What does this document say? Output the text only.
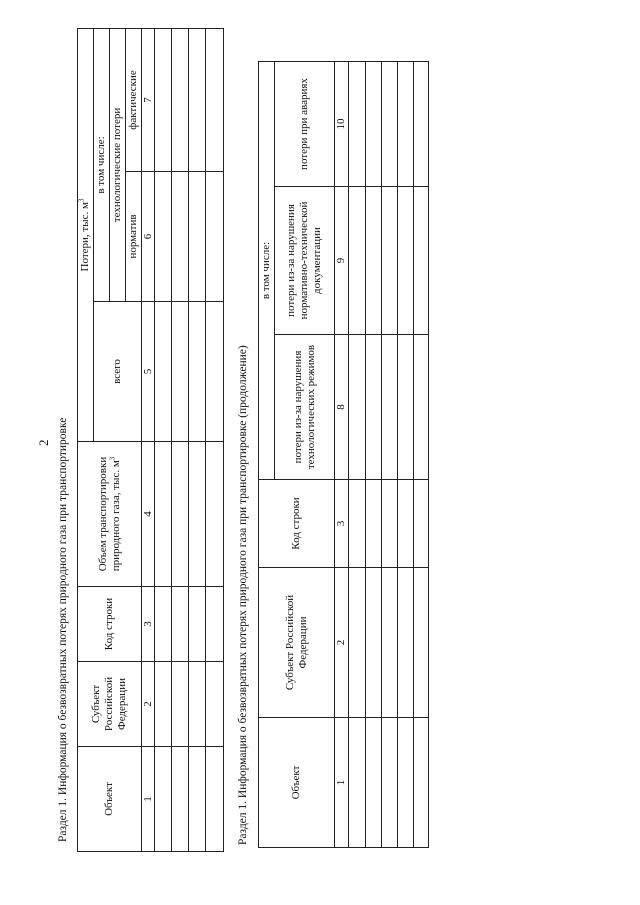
2 Раздел 1. Информация о безвозвратных потерях природного газа при транспортировке	Объект	Субъект Российской Федерации	Код строки	Объем транспортировки природного газа, тыс. $м^3$	Потери, тыс. $м^3$
				всего	в том числе:	
					технологические потери	
					норматив	фактические
1	2	3	4	5	6	7

Раздел 1. Информация о безвозвратных потерях природного газа при транспортировке (продолжение)	Объект	Субъект Российской Федерации	Код строки	в том числе:		
			потери из-за нарушения технологических режимов	потери из-за нарушения нормативно-технической документации	потери при авариях
1	2	3	8	9	10
